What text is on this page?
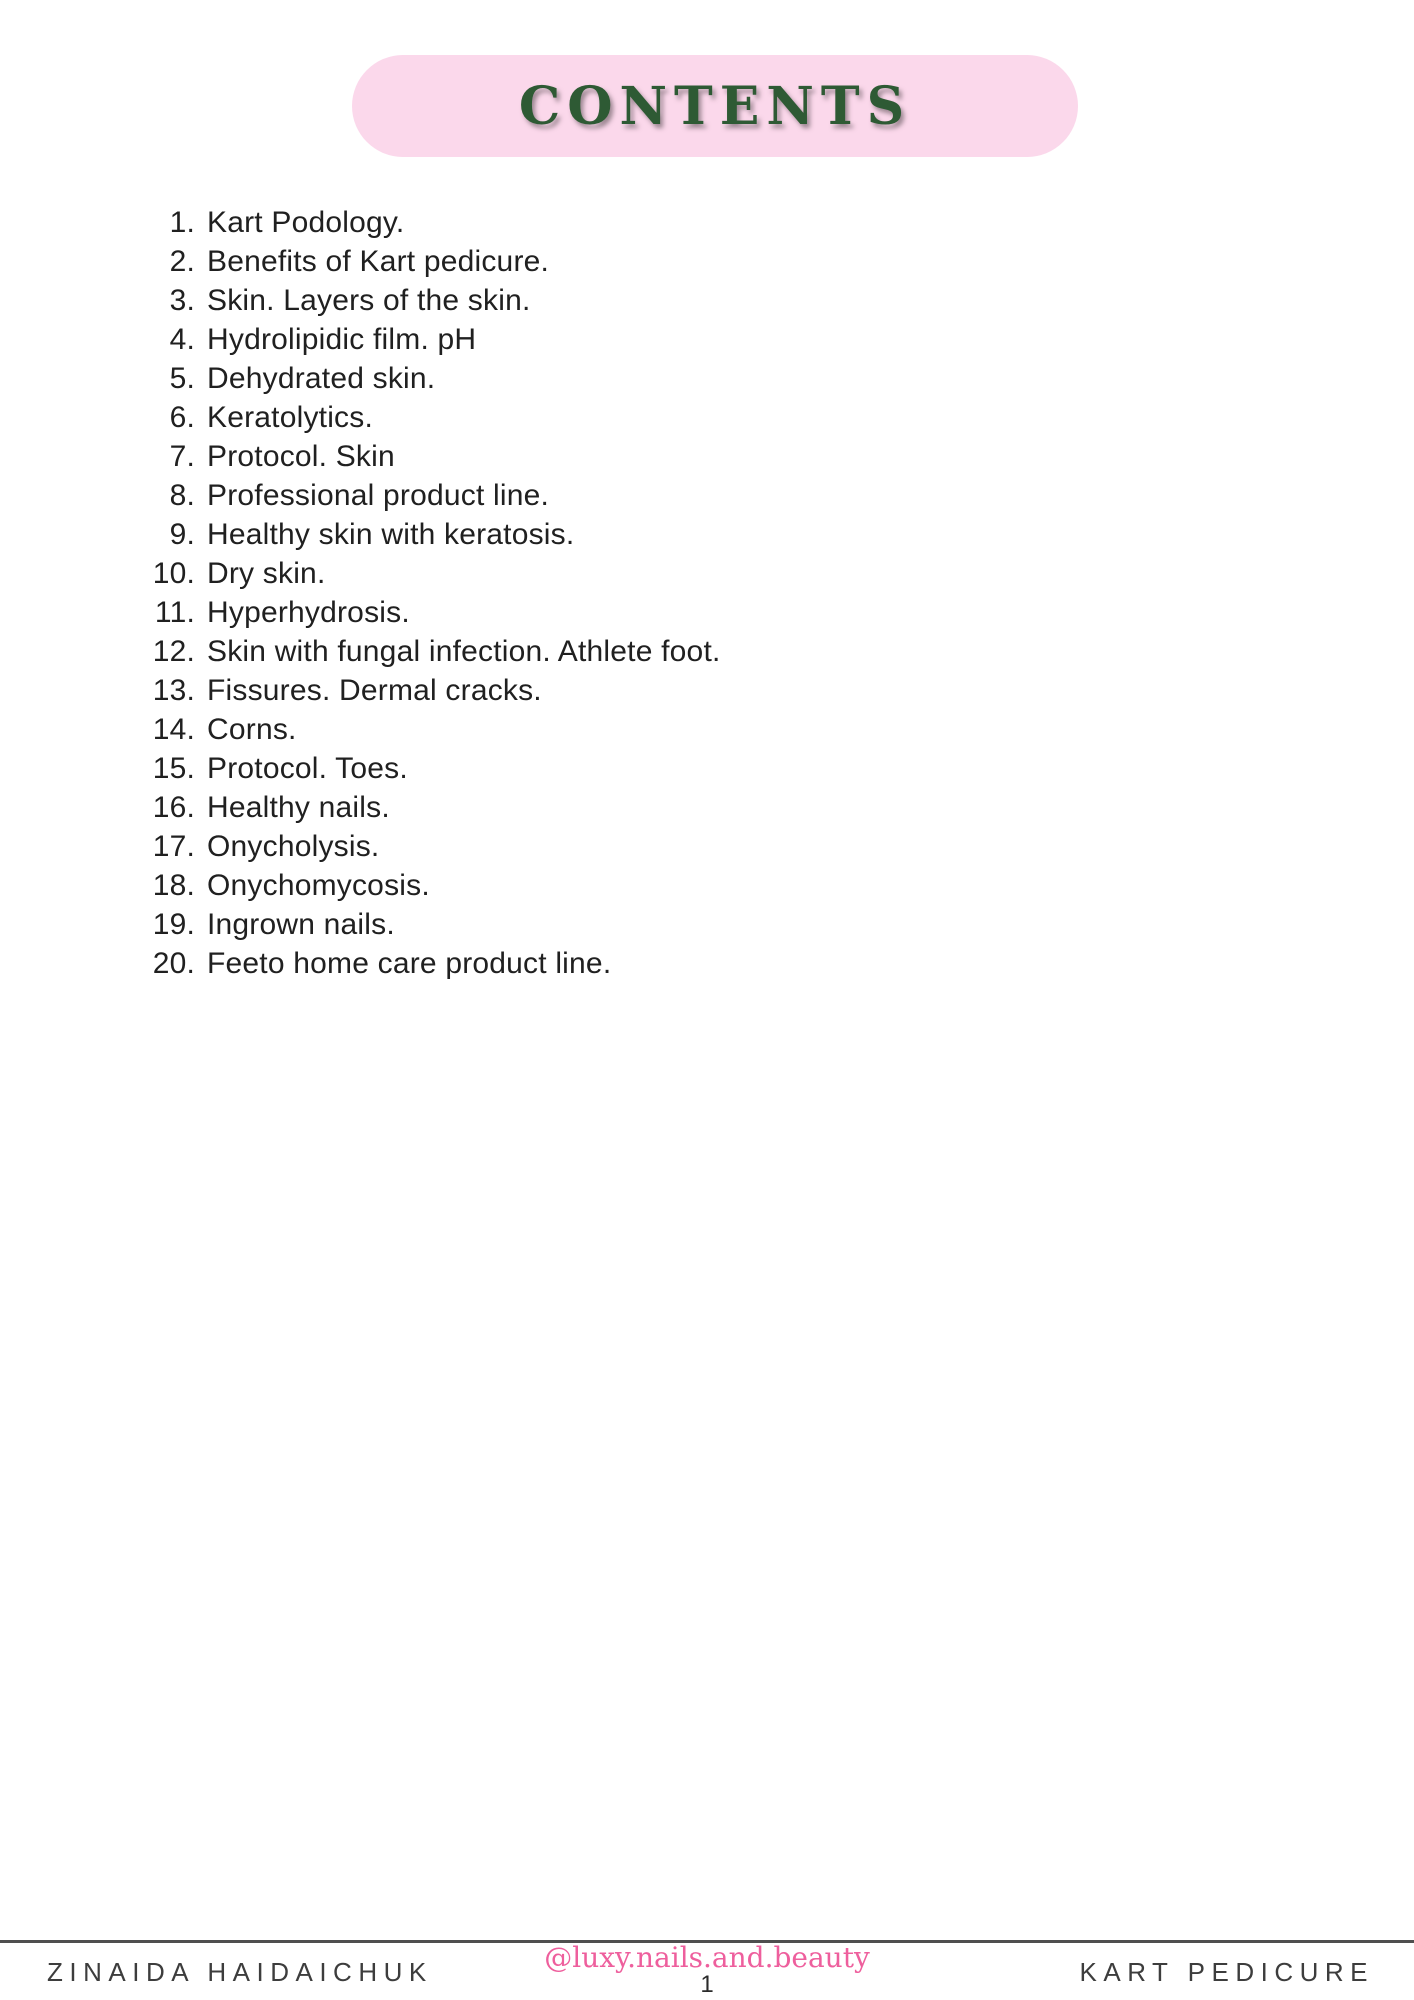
CONTENTS
1. Kart Podology.
2. Benefits of Kart pedicure.
3. Skin. Layers of the skin.
4. Hydrolipidic film. pH
5. Dehydrated skin.
6. Keratolytics.
7. Protocol. Skin
8. Professional product line.
9. Healthy skin with keratosis.
10. Dry skin.
11. Hyperhydrosis.
12. Skin with fungal infection. Athlete foot.
13. Fissures. Dermal cracks.
14. Corns.
15. Protocol. Toes.
16. Healthy nails.
17. Onycholysis.
18. Onychomycosis.
19. Ingrown nails.
20. Feeto home care product line.
ZINAIDA HAIDAICHUK	@luxy.nails.and.beauty
1	KART PEDICURE
